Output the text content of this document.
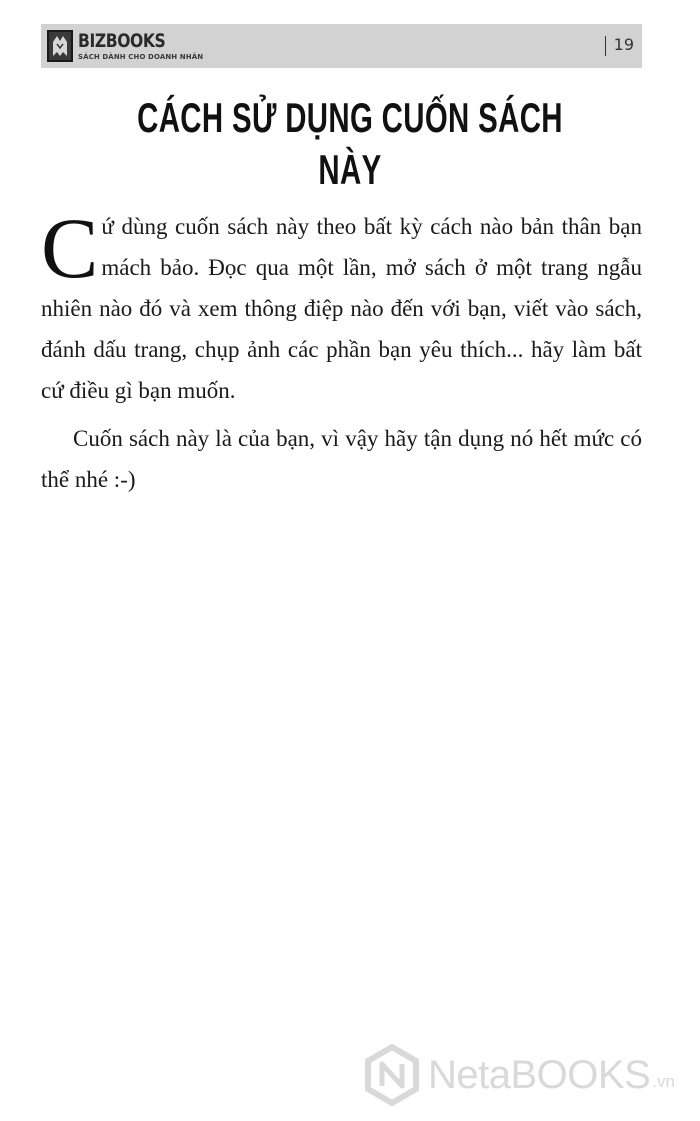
BIZBOOKS
SÁCH DÀNH CHO DOANH NHÂN
19
CÁCH SỬ DỤNG CUỐN SÁCH NÀY

Cứ dùng cuốn sách này theo bất kỳ cách nào bản thân bạn mách bảo. Đọc qua một lần, mở sách ở một trang ngẫu nhiên nào đó và xem thông điệp nào đến với bạn, viết vào sách, đánh dấu trang, chụp ảnh các phần bạn yêu thích... hãy làm bất cứ điều gì bạn muốn.

Cuốn sách này là của bạn, vì vậy hãy tận dụng nó hết mức có thể nhé :-)

NetaBOOKS .vn
